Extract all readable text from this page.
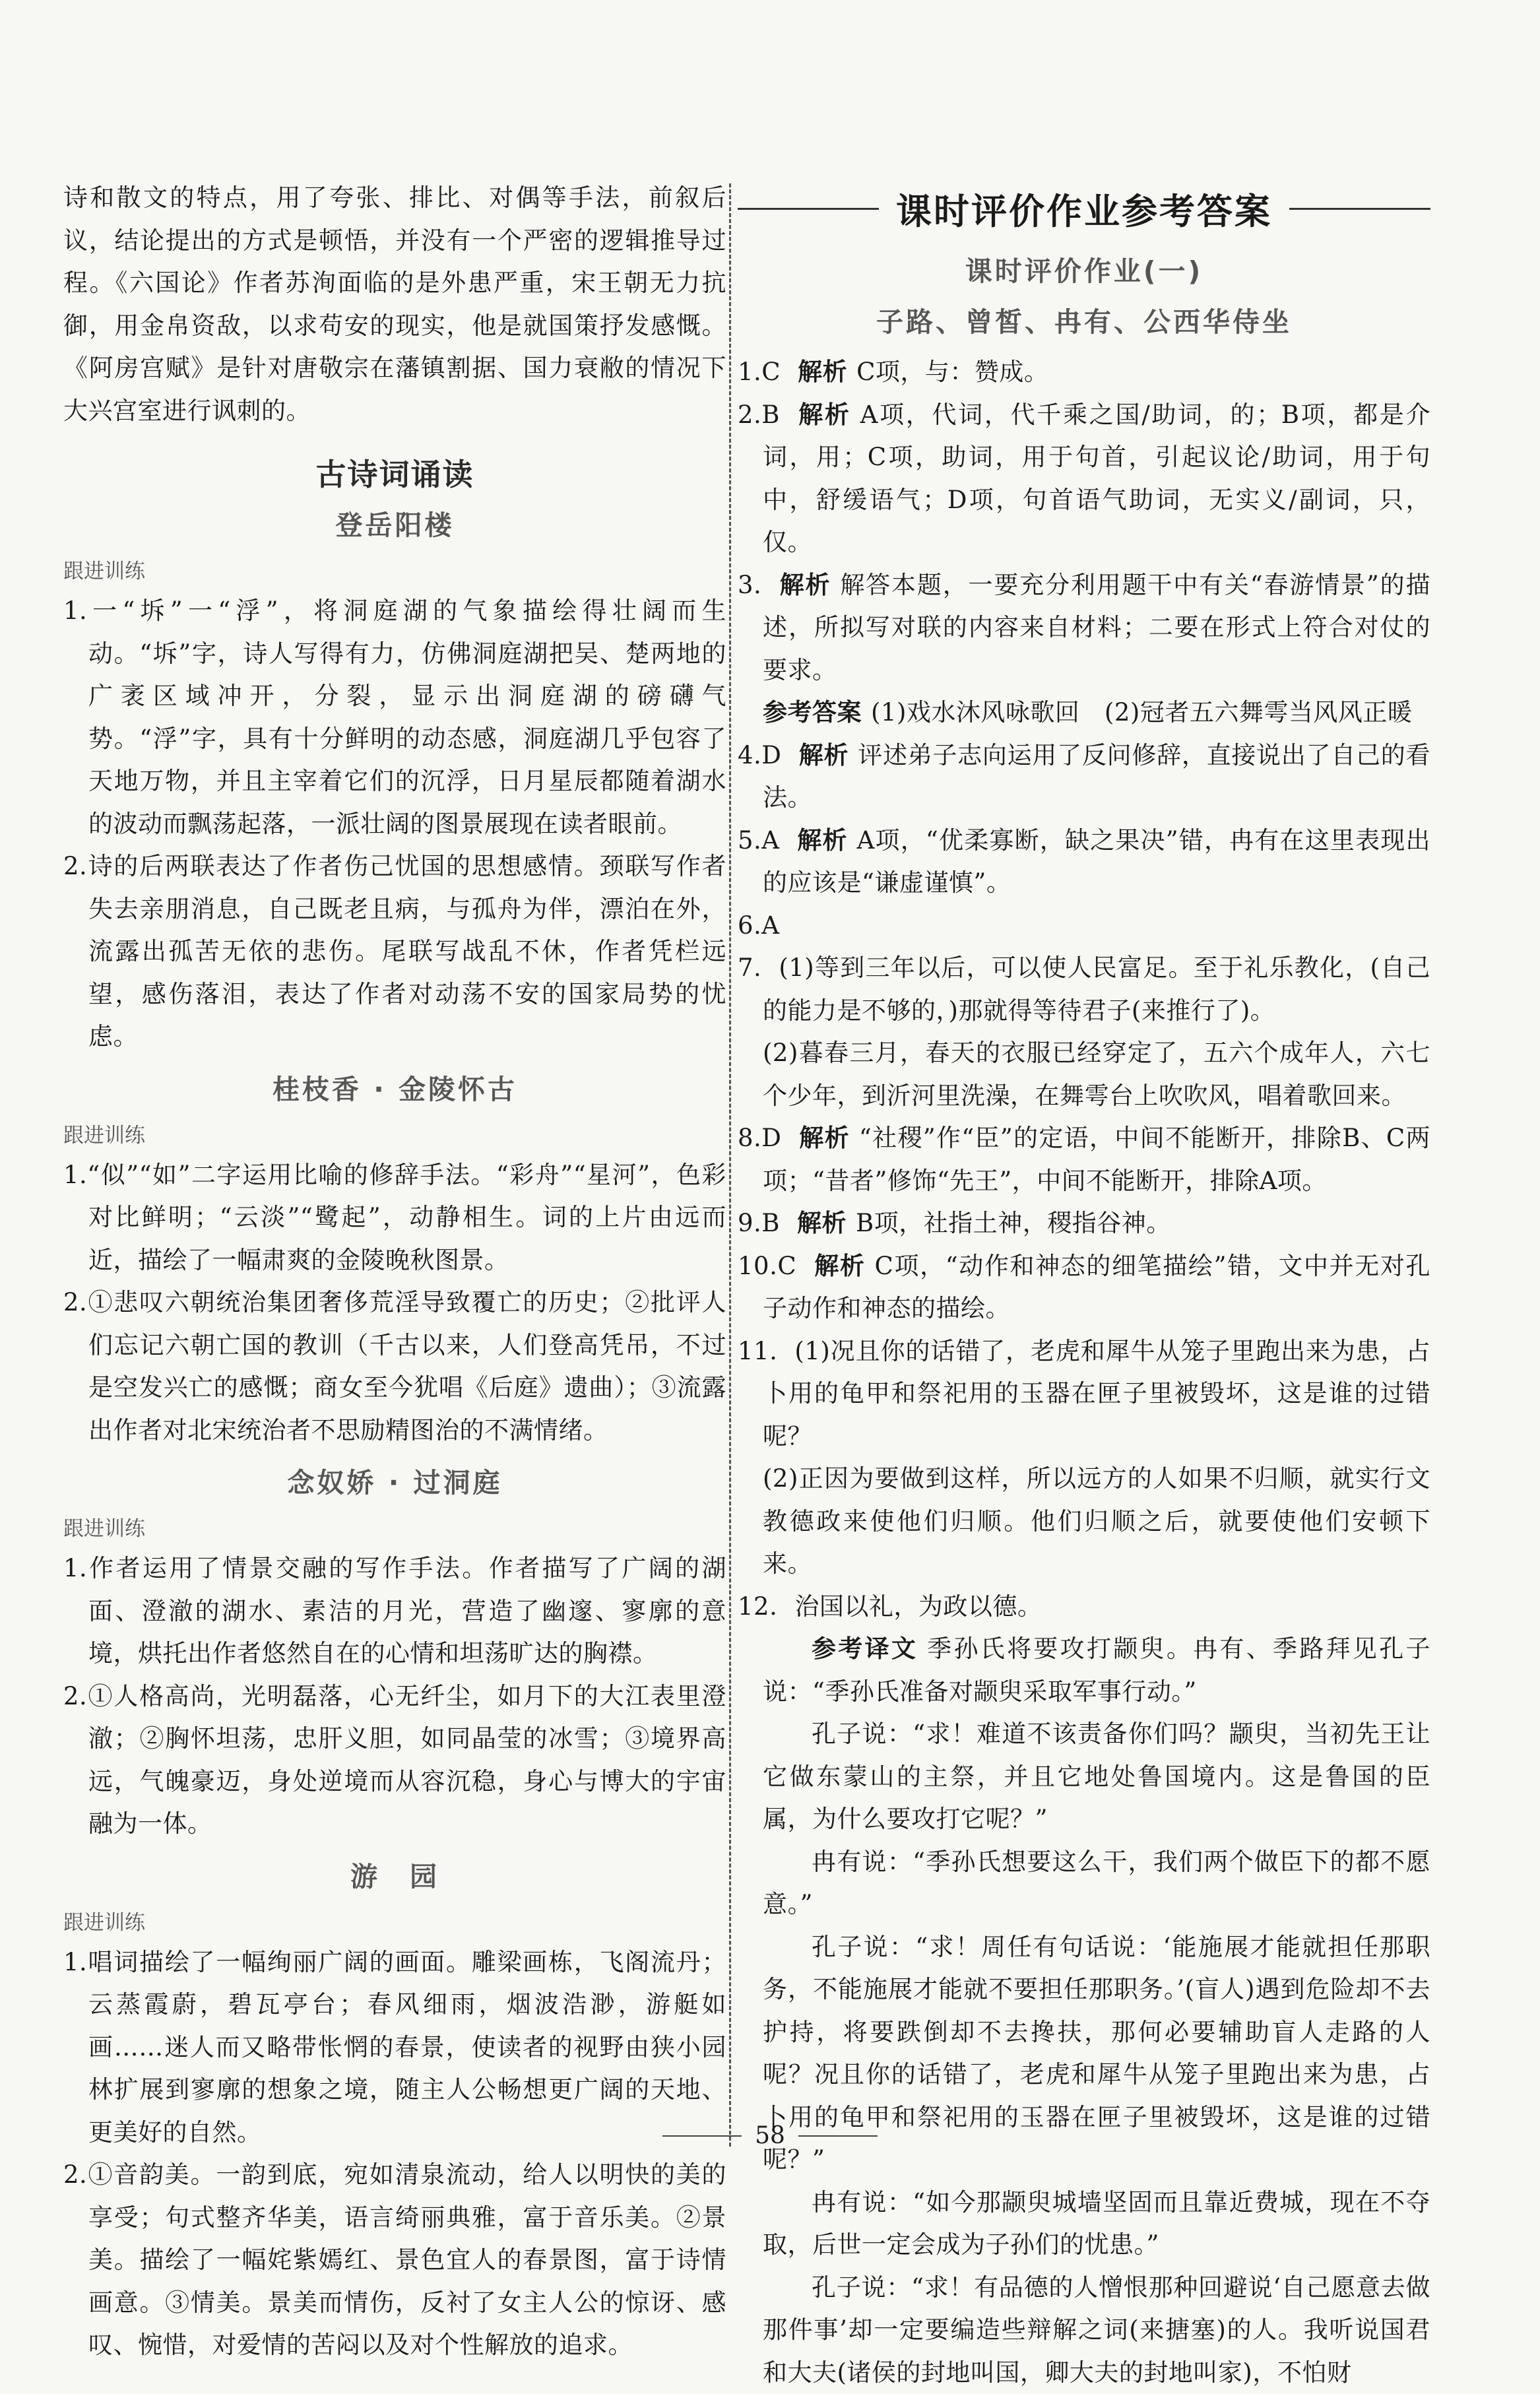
诗和散文的特点，用了夸张、排比、对偶等手法，前叙后议，结论提出的方式是顿悟，并没有一个严密的逻辑推导过程。《六国论》作者苏洵面临的是外患严重，宋王朝无力抗御，用金帛资敌，以求苟安的现实，他是就国策抒发感慨。《阿房宫赋》是针对唐敬宗在藩镇割据、国力衰敝的情况下大兴宫室进行讽刺的。

古诗词诵读
登岳阳楼
跟进训练

1.一“坼”一“浮”，将洞庭湖的气象描绘得壮阔而生动。“坼”字，诗人写得有力，仿佛洞庭湖把吴、楚两地的广袤区域冲开，分裂，显示出洞庭湖的磅礴气势。“浮”字，具有十分鲜明的动态感，洞庭湖几乎包容了天地万物，并且主宰着它们的沉浮，日月星辰都随着湖水的波动而飘荡起落，一派壮阔的图景展现在读者眼前。

2.诗的后两联表达了作者伤己忧国的思想感情。颈联写作者失去亲朋消息，自己既老且病，与孤舟为伴，漂泊在外，流露出孤苦无依的悲伤。尾联写战乱不休，作者凭栏远望，感伤落泪，表达了作者对动荡不安的国家局势的忧虑。

桂枝香 · 金陵怀古
跟进训练

1.“似”“如”二字运用比喻的修辞手法。“彩舟”“星河”，色彩对比鲜明；“云淡”“鹭起”，动静相生。词的上片由远而近，描绘了一幅肃爽的金陵晚秋图景。

2.①悲叹六朝统治集团奢侈荒淫导致覆亡的历史；②批评人们忘记六朝亡国的教训（千古以来，人们登高凭吊，不过是空发兴亡的感慨；商女至今犹唱《后庭》遗曲）；③流露出作者对北宋统治者不思励精图治的不满情绪。

念奴娇 · 过洞庭
跟进训练

1.作者运用了情景交融的写作手法。作者描写了广阔的湖面、澄澈的湖水、素洁的月光，营造了幽邃、寥廓的意境，烘托出作者悠然自在的心情和坦荡旷达的胸襟。

2.①人格高尚，光明磊落，心无纤尘，如月下的大江表里澄澈；②胸怀坦荡，忠肝义胆，如同晶莹的冰雪；③境界高远，气魄豪迈，身处逆境而从容沉稳，身心与博大的宇宙融为一体。

游　园
跟进训练

1.唱词描绘了一幅绚丽广阔的画面。雕梁画栋，飞阁流丹；云蒸霞蔚，碧瓦亭台；春风细雨，烟波浩渺，游艇如画……迷人而又略带怅惘的春景，使读者的视野由狭小园林扩展到寥廓的想象之境，随主人公畅想更广阔的天地、更美好的自然。

2.①音韵美。一韵到底，宛如清泉流动，给人以明快的美的享受；句式整齐华美，语言绮丽典雅，富于音乐美。②景美。描绘了一幅姹紫嫣红、景色宜人的春景图，富于诗情画意。③情美。景美而情伤，反衬了女主人公的惊讶、感叹、惋惜，对爱情的苦闷以及对个性解放的追求。

课时评价作业参考答案
课时评价作业(一)
子路、曾皙、冉有、公西华侍坐

1.C 解析 C项，与：赞成。

2.B 解析 A项，代词，代千乘之国/助词，的；B项，都是介词，用；C项，助词，用于句首，引起议论/助词，用于句中，舒缓语气；D项，句首语气助词，无实义/副词，只，仅。

3. 解析 解答本题，一要充分利用题干中有关“春游情景”的描述，所拟写对联的内容来自材料；二要在形式上符合对仗的要求。

参考答案 (1)戏水沐风咏歌回　(2)冠者五六舞雩当风风正暖

4.D 解析 评述弟子志向运用了反问修辞，直接说出了自己的看法。

5.A 解析 A项，“优柔寡断，缺之果决”错，冉有在这里表现出的应该是“谦虚谨慎”。

6.A

7. (1)等到三年以后，可以使人民富足。至于礼乐教化，(自己的能力是不够的，)那就得等待君子(来推行了)。

(2)暮春三月，春天的衣服已经穿定了，五六个成年人，六七个少年，到沂河里洗澡，在舞雩台上吹吹风，唱着歌回来。

8.D 解析 “社稷”作“臣”的定语，中间不能断开，排除B、C两项；“昔者”修饰“先王”，中间不能断开，排除A项。

9.B 解析 B项，社指土神，稷指谷神。

10.C 解析 C项，“动作和神态的细笔描绘”错，文中并无对孔子动作和神态的描绘。

11. (1)况且你的话错了，老虎和犀牛从笼子里跑出来为患，占卜用的龟甲和祭祀用的玉器在匣子里被毁坏，这是谁的过错呢？

(2)正因为要做到这样，所以远方的人如果不归顺，就实行文教德政来使他们归顺。他们归顺之后，就要使他们安顿下来。

12. 治国以礼，为政以德。

参考译文 季孙氏将要攻打颛臾。冉有、季路拜见孔子说：“季孙氏准备对颛臾采取军事行动。”

孔子说：“求！难道不该责备你们吗？颛臾，当初先王让它做东蒙山的主祭，并且它地处鲁国境内。这是鲁国的臣属，为什么要攻打它呢？”

冉有说：“季孙氏想要这么干，我们两个做臣下的都不愿意。”

孔子说：“求！周任有句话说：‘能施展才能就担任那职务，不能施展才能就不要担任那职务。’(盲人)遇到危险却不去护持，将要跌倒却不去搀扶，那何必要辅助盲人走路的人呢？况且你的话错了，老虎和犀牛从笼子里跑出来为患，占卜用的龟甲和祭祀用的玉器在匣子里被毁坏，这是谁的过错呢？”

冉有说：“如今那颛臾城墙坚固而且靠近费城，现在不夺取，后世一定会成为子孙们的忧患。”

孔子说：“求！有品德的人憎恨那种回避说‘自己愿意去做那件事’却一定要编造些辩解之词(来搪塞)的人。我听说国君和大夫(诸侯的封地叫国，卿大夫的封地叫家)，不怕财

58
